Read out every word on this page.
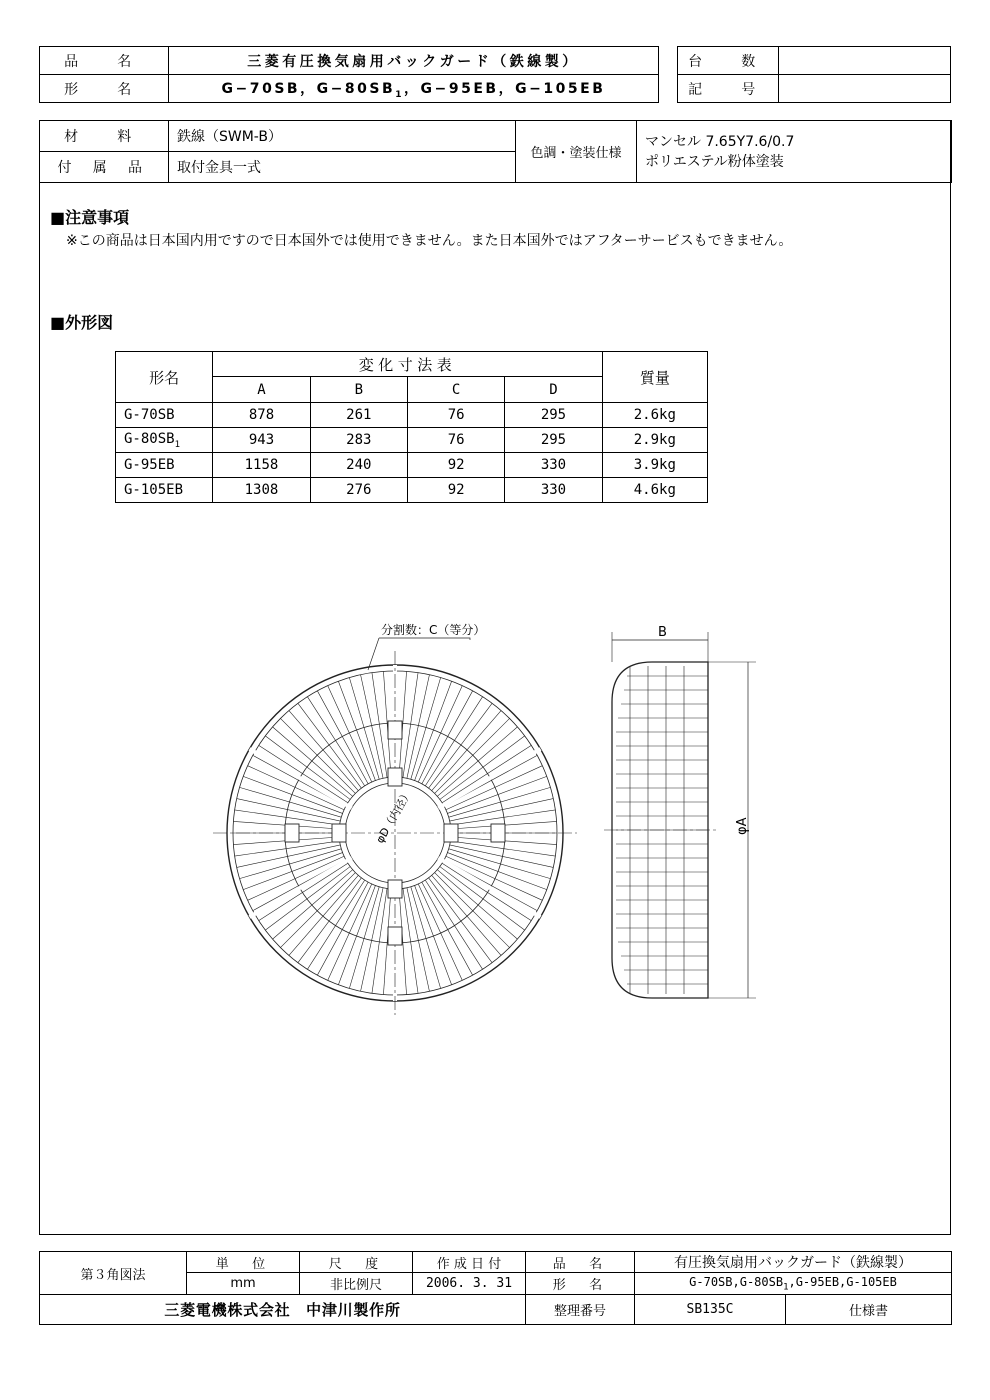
品　名	三菱有圧換気扇用バックガード（鉄線製）
形　名	G−70SB，$G-80SB_1$，G−95EB，G−105EB
台　数	
記　号	
材　料	鉄線（SWM-B）	色調・塗装仕様	マンセル 7.65Y7.6/0.7
ポリエステル粉体塗装

付 属 品	取付金具一式		
■注意事項
※この商品は日本国内用ですので日本国外では使用できません。また日本国外ではアフターサービスもできません。
■外形図
形名	変化寸法表				質量
	A	B	C	D	
G-70SB	878	261	76	295	2.6kg
$G-80SB_1$	943	283	76	295	2.9kg
G-95EB	1158	240	92	330	3.9kg
G-105EB	1308	276	92	330	4.6kg
分割数：C（等分）	B
φA
φD（内径）
第３角図法	単　位	尺　度	作 成 日 付	品　名	有圧換気扇用バックガード（鉄線製）	
	mm	非比例尺	2006. 3. 31	形　名	$G-70SB,G-80SB_1,G-95EB,G-105EB$	
三菱電機株式会社　中津川製作所				整理番号	SB135C	仕様書
